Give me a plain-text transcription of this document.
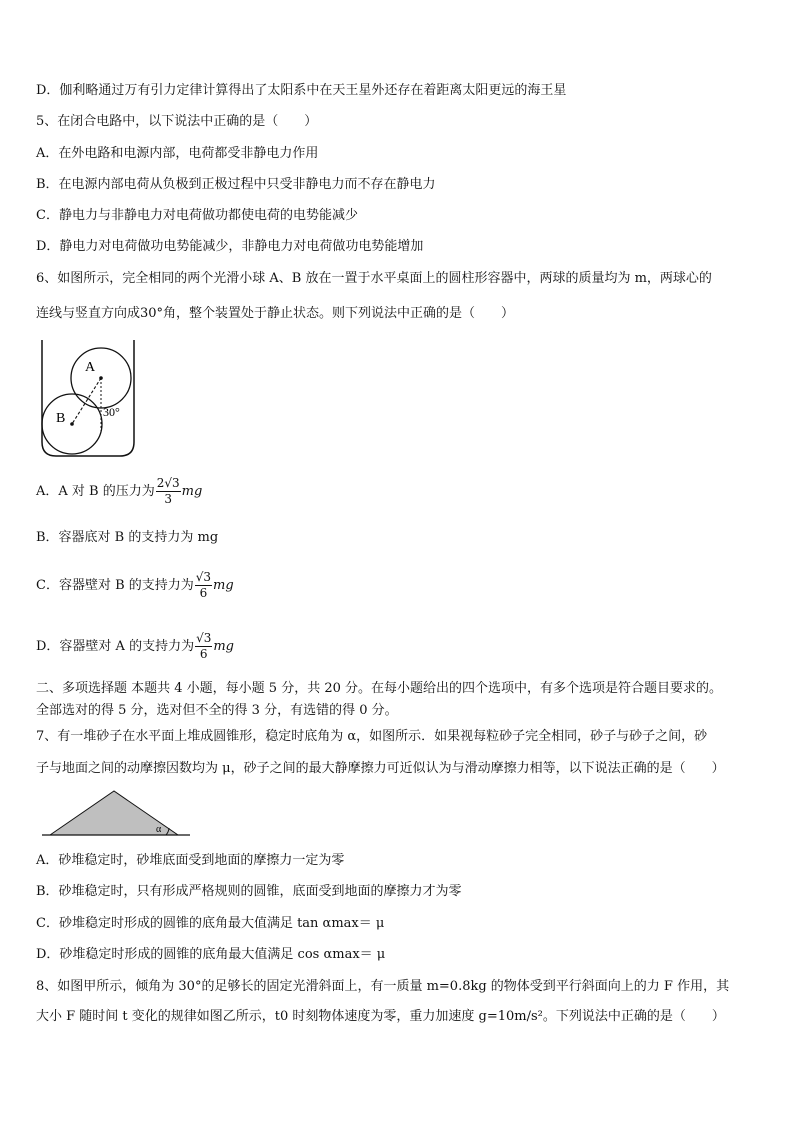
D．伽利略通过万有引力定律计算得出了太阳系中在天王星外还存在着距离太阳更远的海王星
5、在闭合电路中，以下说法中正确的是（　　）
A．在外电路和电源内部，电荷都受非静电力作用
B．在电源内部电荷从负极到正极过程中只受非静电力而不存在静电力
C．静电力与非静电力对电荷做功都使电荷的电势能减少
D．静电力对电荷做功电势能减少，非静电力对电荷做功电势能增加
6、如图所示，完全相同的两个光滑小球 A、B 放在一置于水平桌面上的圆柱形容器中，两球的质量均为 m，两球心的
连线与竖直方向成30°角，整个装置处于静止状态。则下列说法中正确的是（　　）
A
B	30°
A．A 对 B 的压力为 $\frac{2√3}{3}$ mg
B．容器底对 B 的支持力为 mg
C．容器壁对 B 的支持力为 $\frac{√3}{6}$ mg
D．容器壁对 A 的支持力为 $\frac{√3}{6}$ mg
二、多项选择题 本题共 4 小题，每小题 5 分，共 20 分。在每小题给出的四个选项中，有多个选项是符合题目要求的。
全部选对的得 5 分，选对但不全的得 3 分，有选错的得 0 分。
7、有一堆砂子在水平面上堆成圆锥形，稳定时底角为 α，如图所示．如果视每粒砂子完全相同，砂子与砂子之间，砂
子与地面之间的动摩擦因数均为 μ，砂子之间的最大静摩擦力可近似认为与滑动摩擦力相等，以下说法正确的是（　　）
α
A．砂堆稳定时，砂堆底面受到地面的摩擦力一定为零
B．砂堆稳定时，只有形成严格规则的圆锥，底面受到地面的摩擦力才为零
C．砂堆稳定时形成的圆锥的底角最大值满足 tan αmax＝ μ
D．砂堆稳定时形成的圆锥的底角最大值满足 cos αmax＝ μ
8、如图甲所示，倾角为 30°的足够长的固定光滑斜面上，有一质量 m=0.8kg 的物体受到平行斜面向上的力 F 作用，其
大小 F 随时间 t 变化的规律如图乙所示，t0 时刻物体速度为零，重力加速度 g=10m/s²。下列说法中正确的是（　　）
